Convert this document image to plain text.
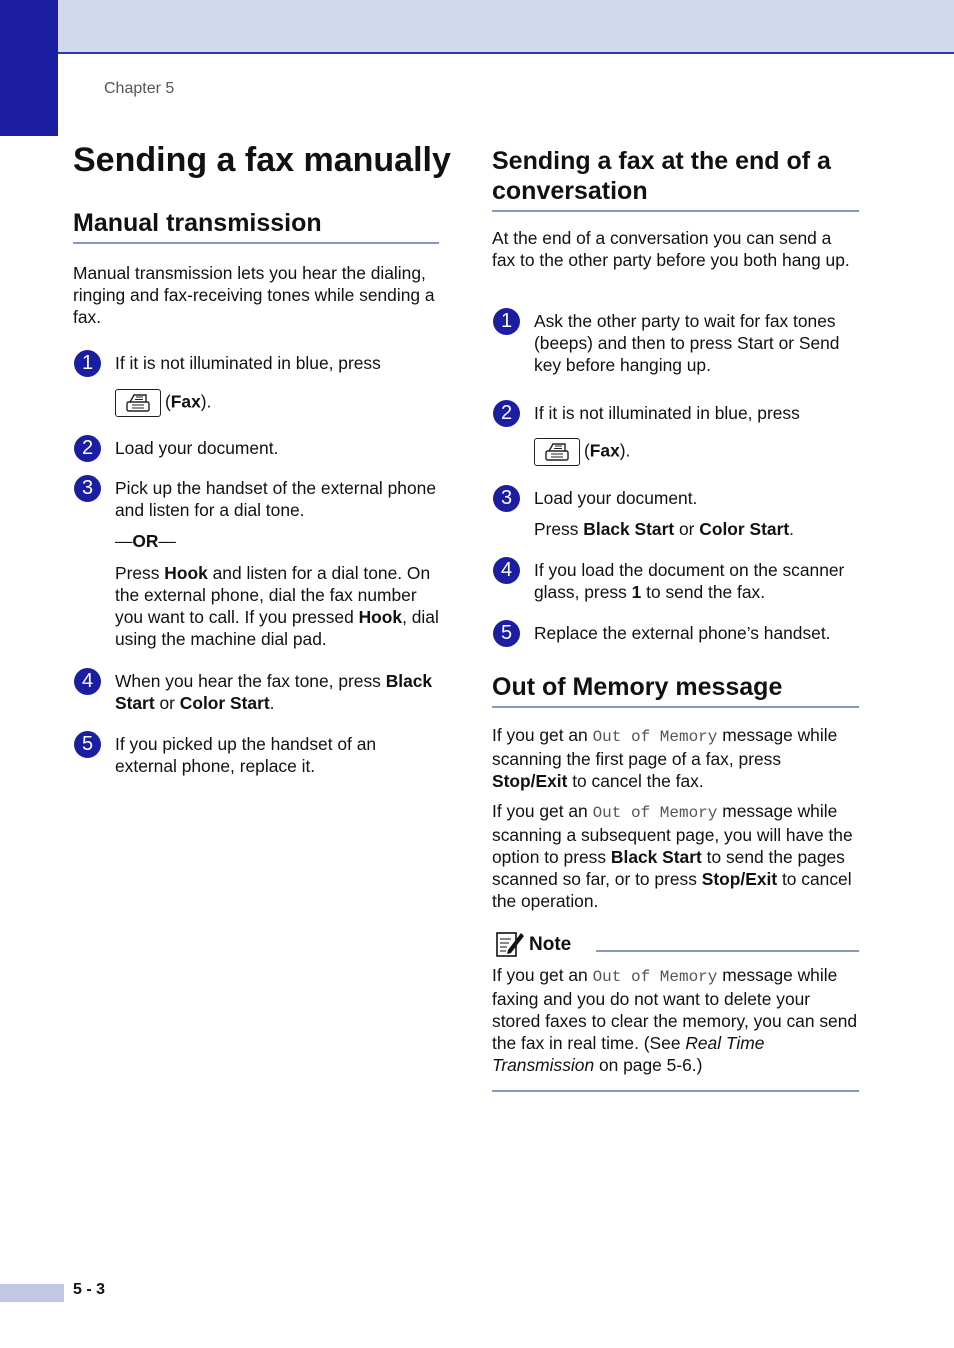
Chapter 5
Sending a fax manually
Manual transmission

Manual transmission lets you hear the dialing, ringing and fax-receiving tones while sending a fax.

1	If it is not illuminated in blue, press
(Fax).
2	Load your document.
3	Pick up the handset of the external phone and listen for a dial tone.
—OR—
Press Hook and listen for a dial tone. On the external phone, dial the fax number you want to call. If you pressed Hook, dial using the machine dial pad.
4	When you hear the fax tone, press Black Start or Color Start.
5	If you picked up the handset of an external phone, replace it.
Sending a fax at the end of a conversation

At the end of a conversation you can send a fax to the other party before you both hang up.

1	Ask the other party to wait for fax tones (beeps) and then to press Start or Send key before hanging up.
2	If it is not illuminated in blue, press
(Fax).
3	Load your document.
Press Black Start or Color Start.
4	If you load the document on the scanner glass, press 1 to send the fax.
5	Replace the external phone’s handset.
Out of Memory message

If you get an Out of Memory message while scanning the first page of a fax, press Stop/Exit to cancel the fax.

If you get an Out of Memory message while scanning a subsequent page, you will have the option to press Black Start to send the pages scanned so far, or to press Stop/Exit to cancel the operation.

Note

If you get an Out of Memory message while faxing and you do not want to delete your stored faxes to clear the memory, you can send the fax in real time. (See Real Time Transmission on page 5-6.)

5 - 3
